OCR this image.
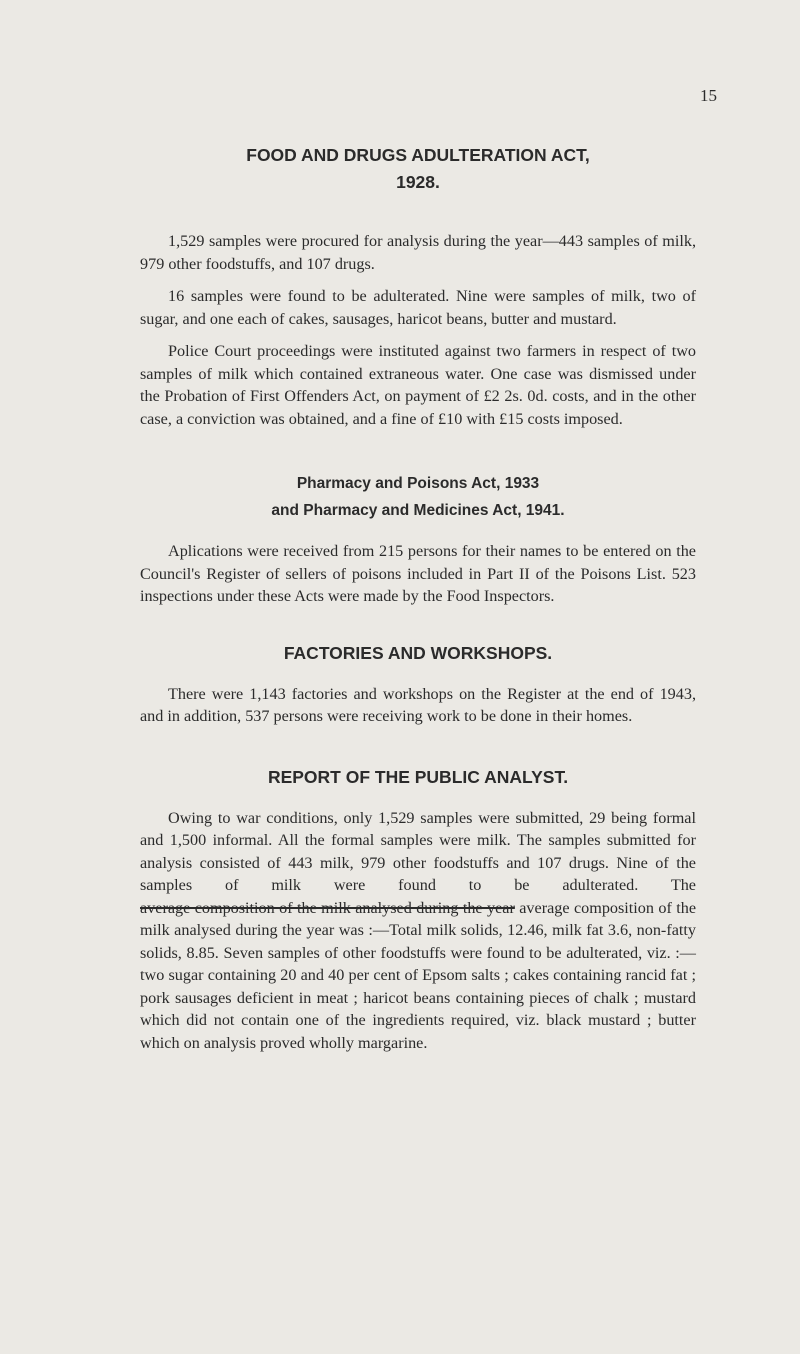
15
FOOD AND DRUGS ADULTERATION ACT,
1928.

1,529 samples were procured for analysis during the year—443 samples of milk, 979 other foodstuffs, and 107 drugs.

16 samples were found to be adulterated. Nine were samples of milk, two of sugar, and one each of cakes, sausages, haricot beans, butter and mustard.

Police Court proceedings were instituted against two farmers in respect of two samples of milk which contained extraneous water. One case was dismissed under the Probation of First Offenders Act, on payment of £2 2s. 0d. costs, and in the other case, a conviction was obtained, and a fine of £10 with £15 costs imposed.

Pharmacy and Poisons Act, 1933
and Pharmacy and Medicines Act, 1941.

Aplications were received from 215 persons for their names to be entered on the Council's Register of sellers of poisons included in Part II of the Poisons List. 523 inspections under these Acts were made by the Food Inspectors.

FACTORIES AND WORKSHOPS.

There were 1,143 factories and workshops on the Register at the end of 1943, and in addition, 537 persons were receiving work to be done in their homes.

REPORT OF THE PUBLIC ANALYST.

Owing to war conditions, only 1,529 samples were submitted, 29 being formal and 1,500 informal. All the formal samples were milk. The samples submitted for analysis consisted of 443 milk, 979 other foodstuffs and 107 drugs. Nine of the samples of milk were found to be adulterated. The average composition of the milk analysed during the year average composition of the milk analysed during the year was :—Total milk solids, 12.46, milk fat 3.6, non-fatty solids, 8.85. Seven samples of other foodstuffs were found to be adulterated, viz. :— two sugar containing 20 and 40 per cent of Epsom salts ; cakes containing rancid fat ; pork sausages deficient in meat ; haricot beans containing pieces of chalk ; mustard which did not contain one of the ingredients required, viz. black mustard ; butter which on analysis proved wholly margarine.
